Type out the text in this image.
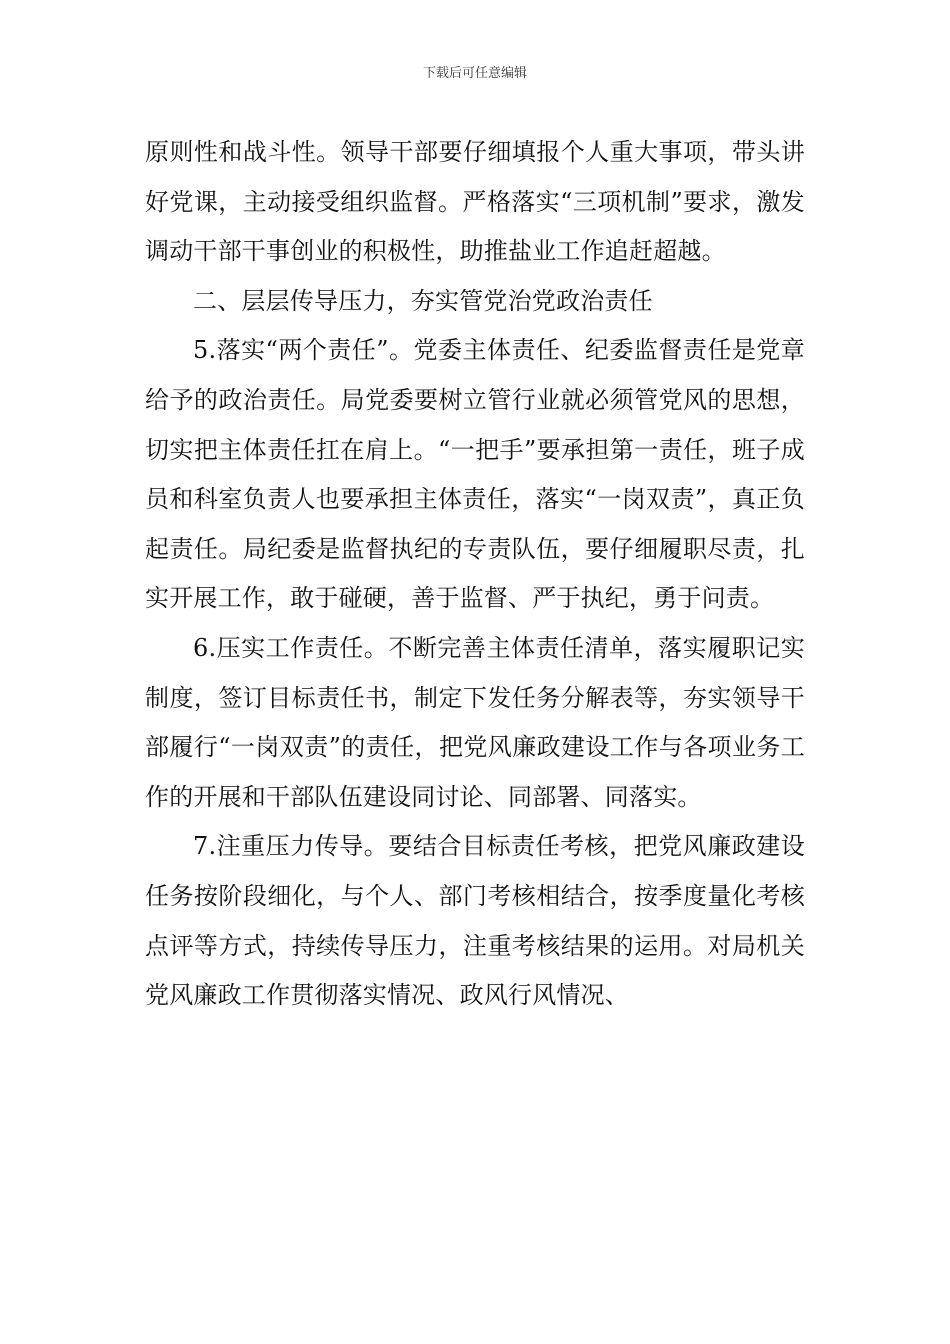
下载后可任意编辑

原则性和战斗性。领导干部要仔细填报个人重大事项，带头讲好党课，主动接受组织监督。严格落实“三项机制”要求，激发调动干部干事创业的积极性，助推盐业工作追赶超越。

二、层层传导压力，夯实管党治党政治责任

5.落实“两个责任”。党委主体责任、纪委监督责任是党章给予的政治责任。局党委要树立管行业就必须管党风的思想，切实把主体责任扛在肩上。“一把手”要承担第一责任，班子成员和科室负责人也要承担主体责任，落实“一岗双责”，真正负起责任。局纪委是监督执纪的专责队伍，要仔细履职尽责，扎实开展工作，敢于碰硬，善于监督、严于执纪，勇于问责。

6.压实工作责任。不断完善主体责任清单，落实履职记实制度，签订目标责任书，制定下发任务分解表等，夯实领导干部履行“一岗双责”的责任，把党风廉政建设工作与各项业务工作的开展和干部队伍建设同讨论、同部署、同落实。

7.注重压力传导。要结合目标责任考核，把党风廉政建设任务按阶段细化，与个人、部门考核相结合，按季度量化考核点评等方式，持续传导压力，注重考核结果的运用。对局机关党风廉政工作贯彻落实情况、政风行风情况、
